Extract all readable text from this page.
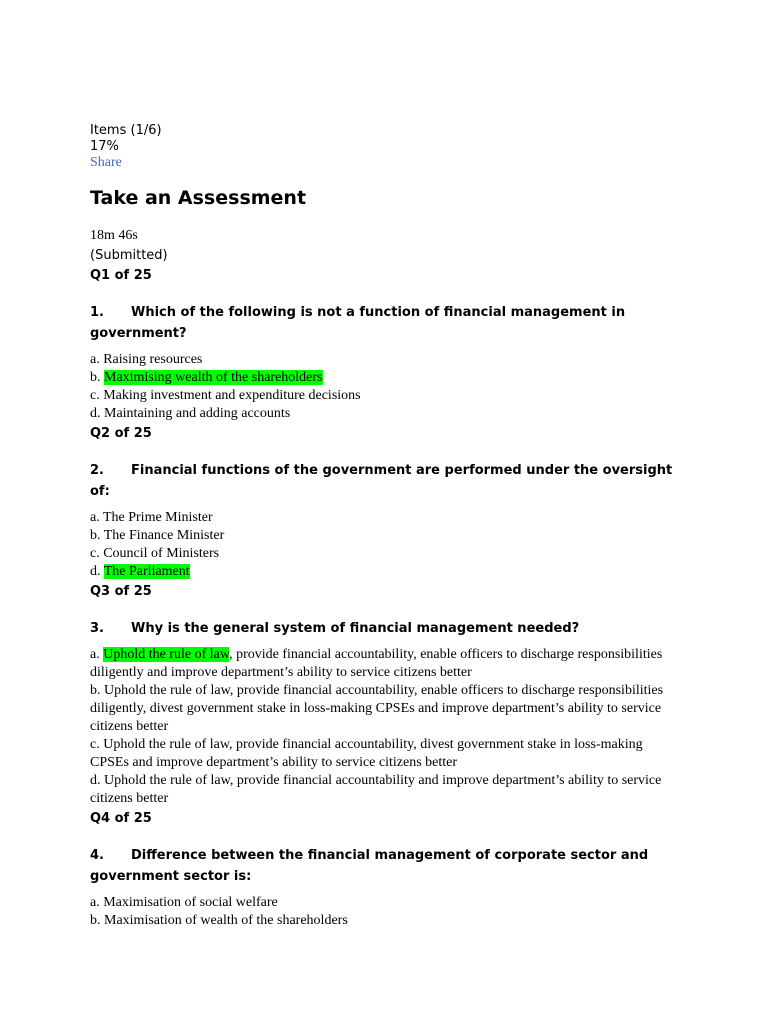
Items (1/6)

17%

Share
Take an Assessment

18m 46s

(Submitted)

Q1 of 25

1. Which of the following is not a function of financial management in government?

a. Raising resources

b. Maximising wealth of the shareholders

c. Making investment and expenditure decisions

d. Maintaining and adding accounts

Q2 of 25

2. Financial functions of the government are performed under the oversight of:

a. The Prime Minister

b. The Finance Minister

c. Council of Ministers

d. The Parliament

Q3 of 25

3. Why is the general system of financial management needed?

a. Uphold the rule of law, provide financial accountability, enable officers to discharge responsibilities diligently and improve department’s ability to service citizens better

b. Uphold the rule of law, provide financial accountability, enable officers to discharge responsibilities diligently, divest government stake in loss-making CPSEs and improve department’s ability to service citizens better

c. Uphold the rule of law, provide financial accountability, divest government stake in loss-making CPSEs and improve department’s ability to service citizens better

d. Uphold the rule of law, provide financial accountability and improve department’s ability to service citizens better

Q4 of 25

4. Difference between the financial management of corporate sector and government sector is:

a. Maximisation of social welfare

b. Maximisation of wealth of the shareholders
